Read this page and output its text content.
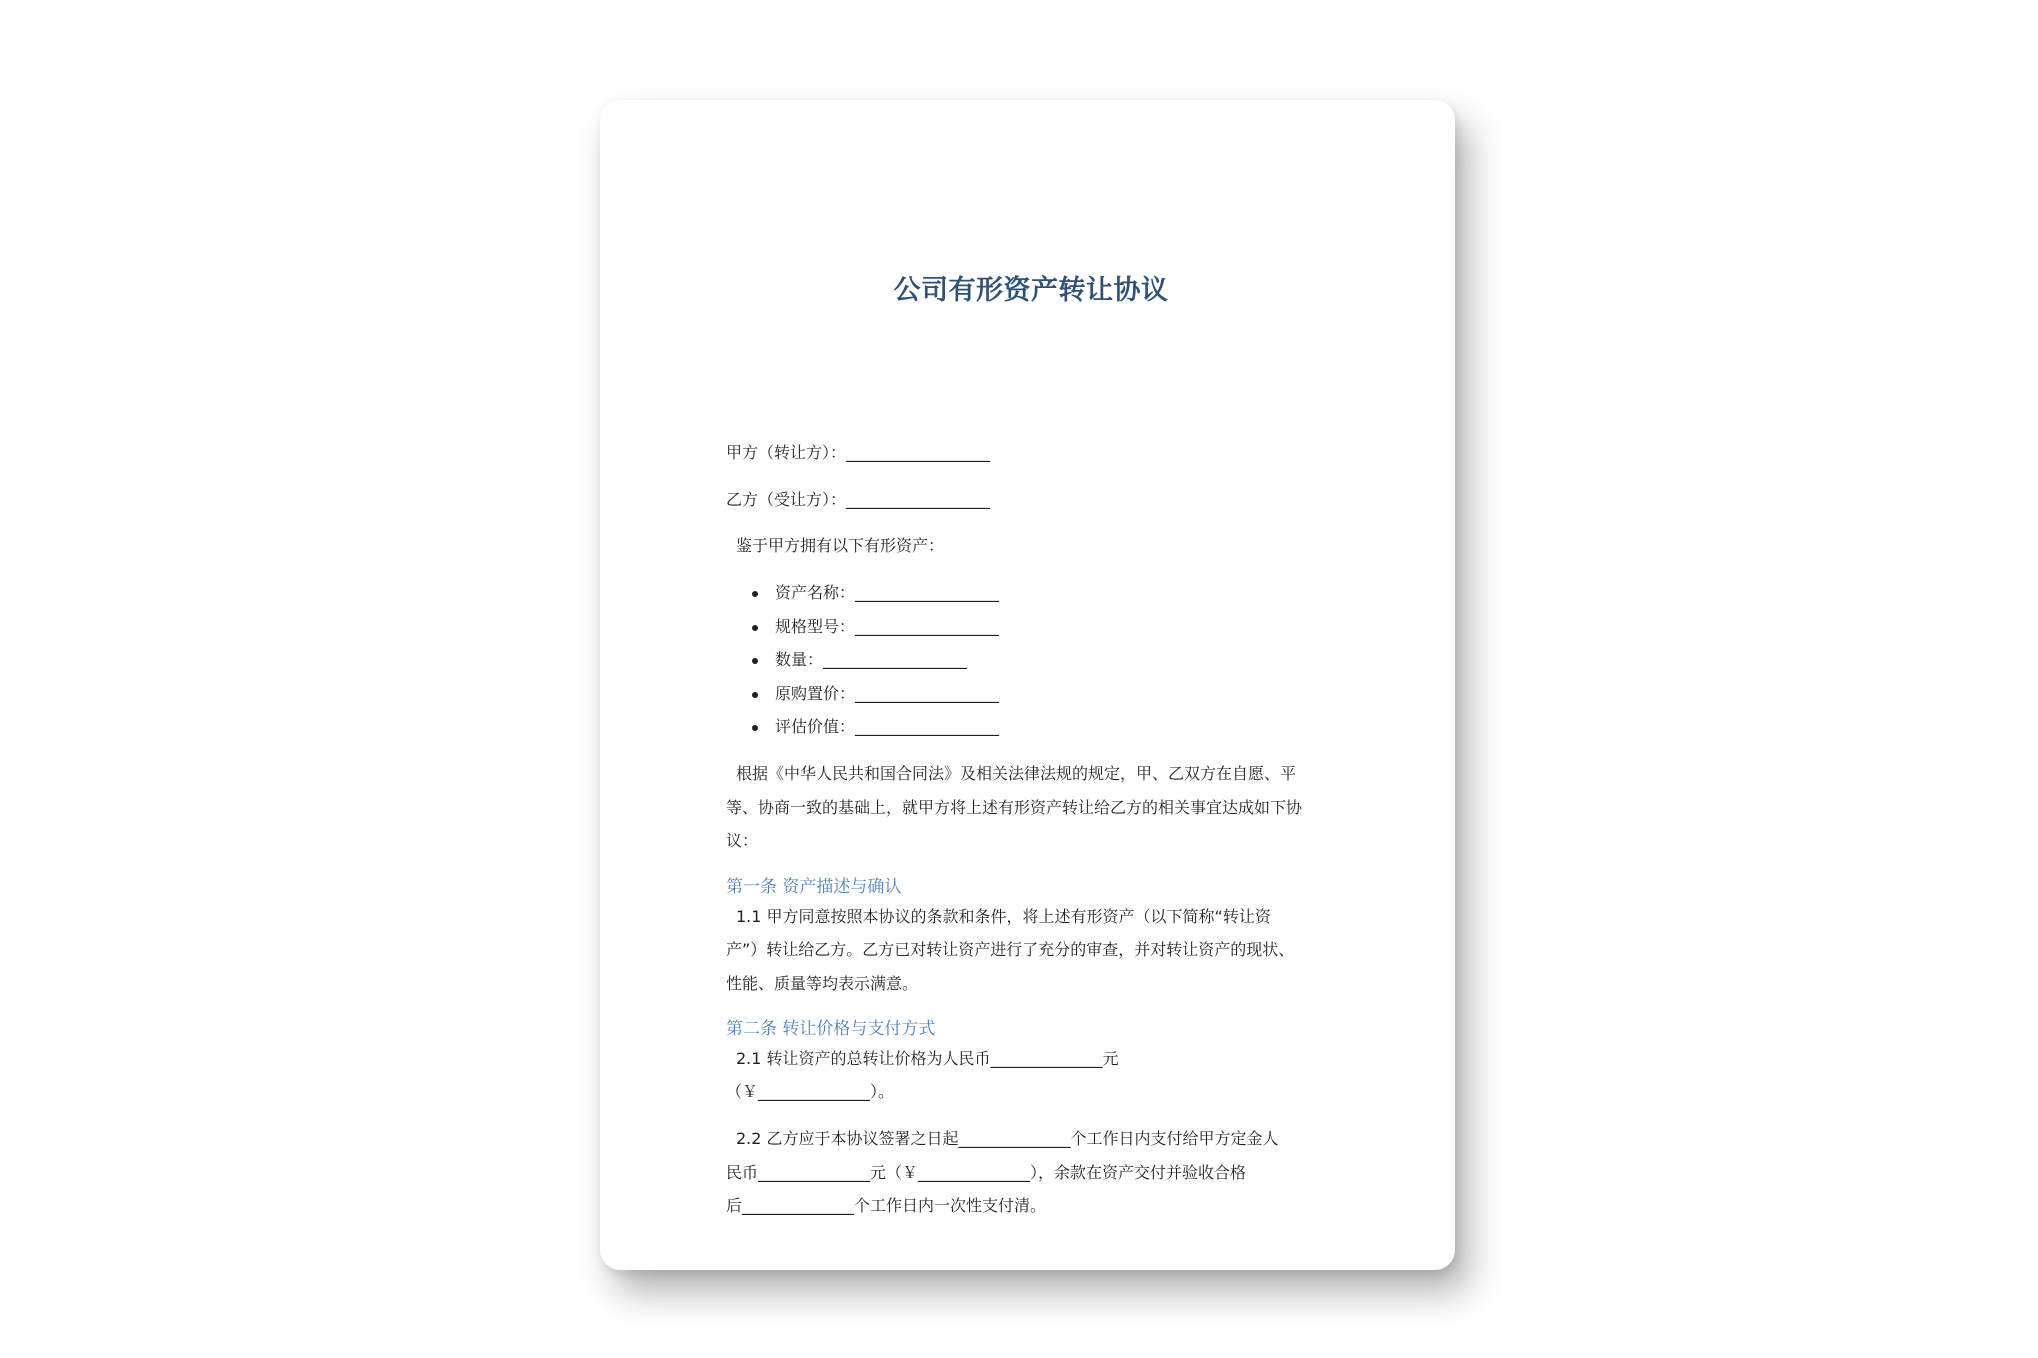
公司有形资产转让协议
甲方（转让方）：__________________
乙方（受让方）：__________________
鉴于甲方拥有以下有形资产：
资产名称：__________________
规格型号：__________________
数量：__________________
原购置价：__________________
评估价值：__________________
根据《中华人民共和国合同法》及相关法律法规的规定，甲、乙双方在自愿、平
等、协商一致的基础上，就甲方将上述有形资产转让给乙方的相关事宜达成如下协
议：
第一条 资产描述与确认
1.1 甲方同意按照本协议的条款和条件，将上述有形资产（以下简称“转让资
产”）转让给乙方。乙方已对转让资产进行了充分的审查，并对转让资产的现状、
性能、质量等均表示满意。
第二条 转让价格与支付方式
2.1 转让资产的总转让价格为人民币______________元
（￥______________）。
2.2 乙方应于本协议签署之日起______________个工作日内支付给甲方定金人
民币______________元（￥______________），余款在资产交付并验收合格
后______________个工作日内一次性支付清。
